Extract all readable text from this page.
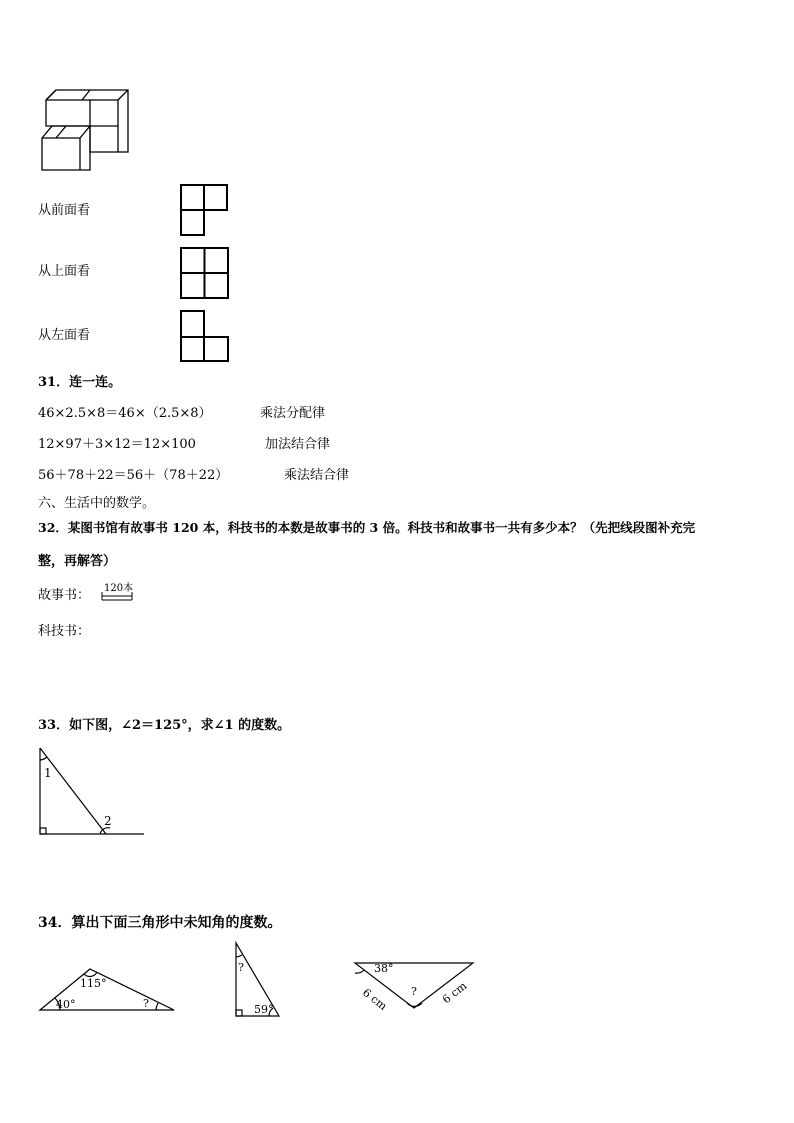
从前面看
从上面看
从左面看
31．连一连。
46×2.5×8＝46×（2.5×8）	乘法分配律
12×97＋3×12＝12×100	加法结合律
56＋78＋22＝56＋（78＋22）	乘法结合律
六、生活中的数学。
32．某图书馆有故事书 120 本，科技书的本数是故事书的 3 倍。科技书和故事书一共有多少本？（先把线段图补充完
整，再解答）
故事书： 120本
科技书：
33．如下图，∠2＝125°，求∠1 的度数。
1
2
34．算出下面三角形中未知角的度数。
115°
40°	?
?
59°
38°
?
6 cm	6 cm
